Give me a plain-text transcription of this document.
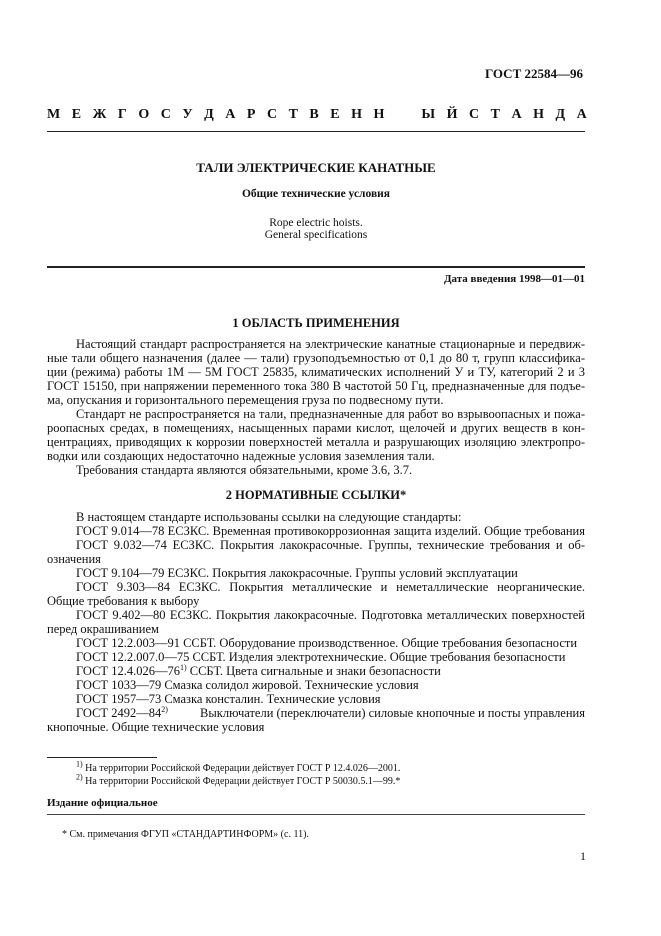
ГОСТ 22584—96
М Е Ж Г О С У Д А Р С Т В Е Н Н	Ы Й С Т А Н Д А
ТАЛИ ЭЛЕКТРИЧЕСКИЕ КАНАТНЫЕ
Общие технические условия
Rope electric hoists.
General specifications
Дата введения 1998—01—01
1 ОБЛАСТЬ ПРИМЕНЕНИЯ
Настоящий стандарт распространяется на электрические канатные стационарные и передвиж-
ные тали общего назначения (далее — тали) грузоподъемностью от 0,1 до 80 т, групп классифика-
ции (режима) работы 1М — 5М ГОСТ 25835, климатических исполнений У и ТУ, категорий 2 и 3
ГОСТ 15150, при напряжении переменного тока 380 В частотой 50 Гц, предназначенные для подъе-
ма, опускания и горизонтального перемещения груза по подвесному пути.
Стандарт не распространяется на тали, предназначенные для работ во взрывоопасных и пожа-
роопасных средах, в помещениях, насыщенных парами кислот, щелочей и других веществ в кон-
центрациях, приводящих к коррозии поверхностей металла и разрушающих изоляцию электропро-
водки или создающих недостаточно надежные условия заземления тали.
Требования стандарта являются обязательными, кроме 3.6, 3.7.
2 НОРМАТИВНЫЕ ССЫЛКИ*
В настоящем стандарте использованы ссылки на следующие стандарты:
ГОСТ 9.014—78 ЕСЗКС. Временная противокоррозионная защита изделий. Общие требования
ГОСТ 9.032—74 ЕСЗКС. Покрытия лакокрасочные. Группы, технические требования и об-
означения
ГОСТ 9.104—79 ЕСЗКС. Покрытия лакокрасочные. Группы условий эксплуатации
ГОСТ 9.303—84 ЕСЗКС. Покрытия металлические и неметаллические неорганические.
Общие требования к выбору
ГОСТ 9.402—80 ЕСЗКС. Покрытия лакокрасочные. Подготовка металлических поверхностей
перед окрашиванием
ГОСТ 12.2.003—91 ССБТ. Оборудование производственное. Общие требования безопасности
ГОСТ 12.2.007.0—75 ССБТ. Изделия электротехнические. Общие требования безопасности
ГОСТ 12.4.026—76$^{1)}$ ССБТ. Цвета сигнальные и знаки безопасности
ГОСТ 1033—79 Смазка солидол жировой. Технические условия
ГОСТ 1957—73 Смазка консталин. Технические условия
ГОСТ 2492—84$^{2)}$	Выключатели (переключатели) силовые кнопочные и посты управления
кнопочные. Общие технические условия
$^{1)}$ На территории Российской Федерации действует ГОСТ Р 12.4.026—2001.
$^{2)}$ На территории Российской Федерации действует ГОСТ Р 50030.5.1—99.*
Издание официальное
* См. примечания ФГУП «СТАНДАРТИНФОРМ» (с. 11).
1
